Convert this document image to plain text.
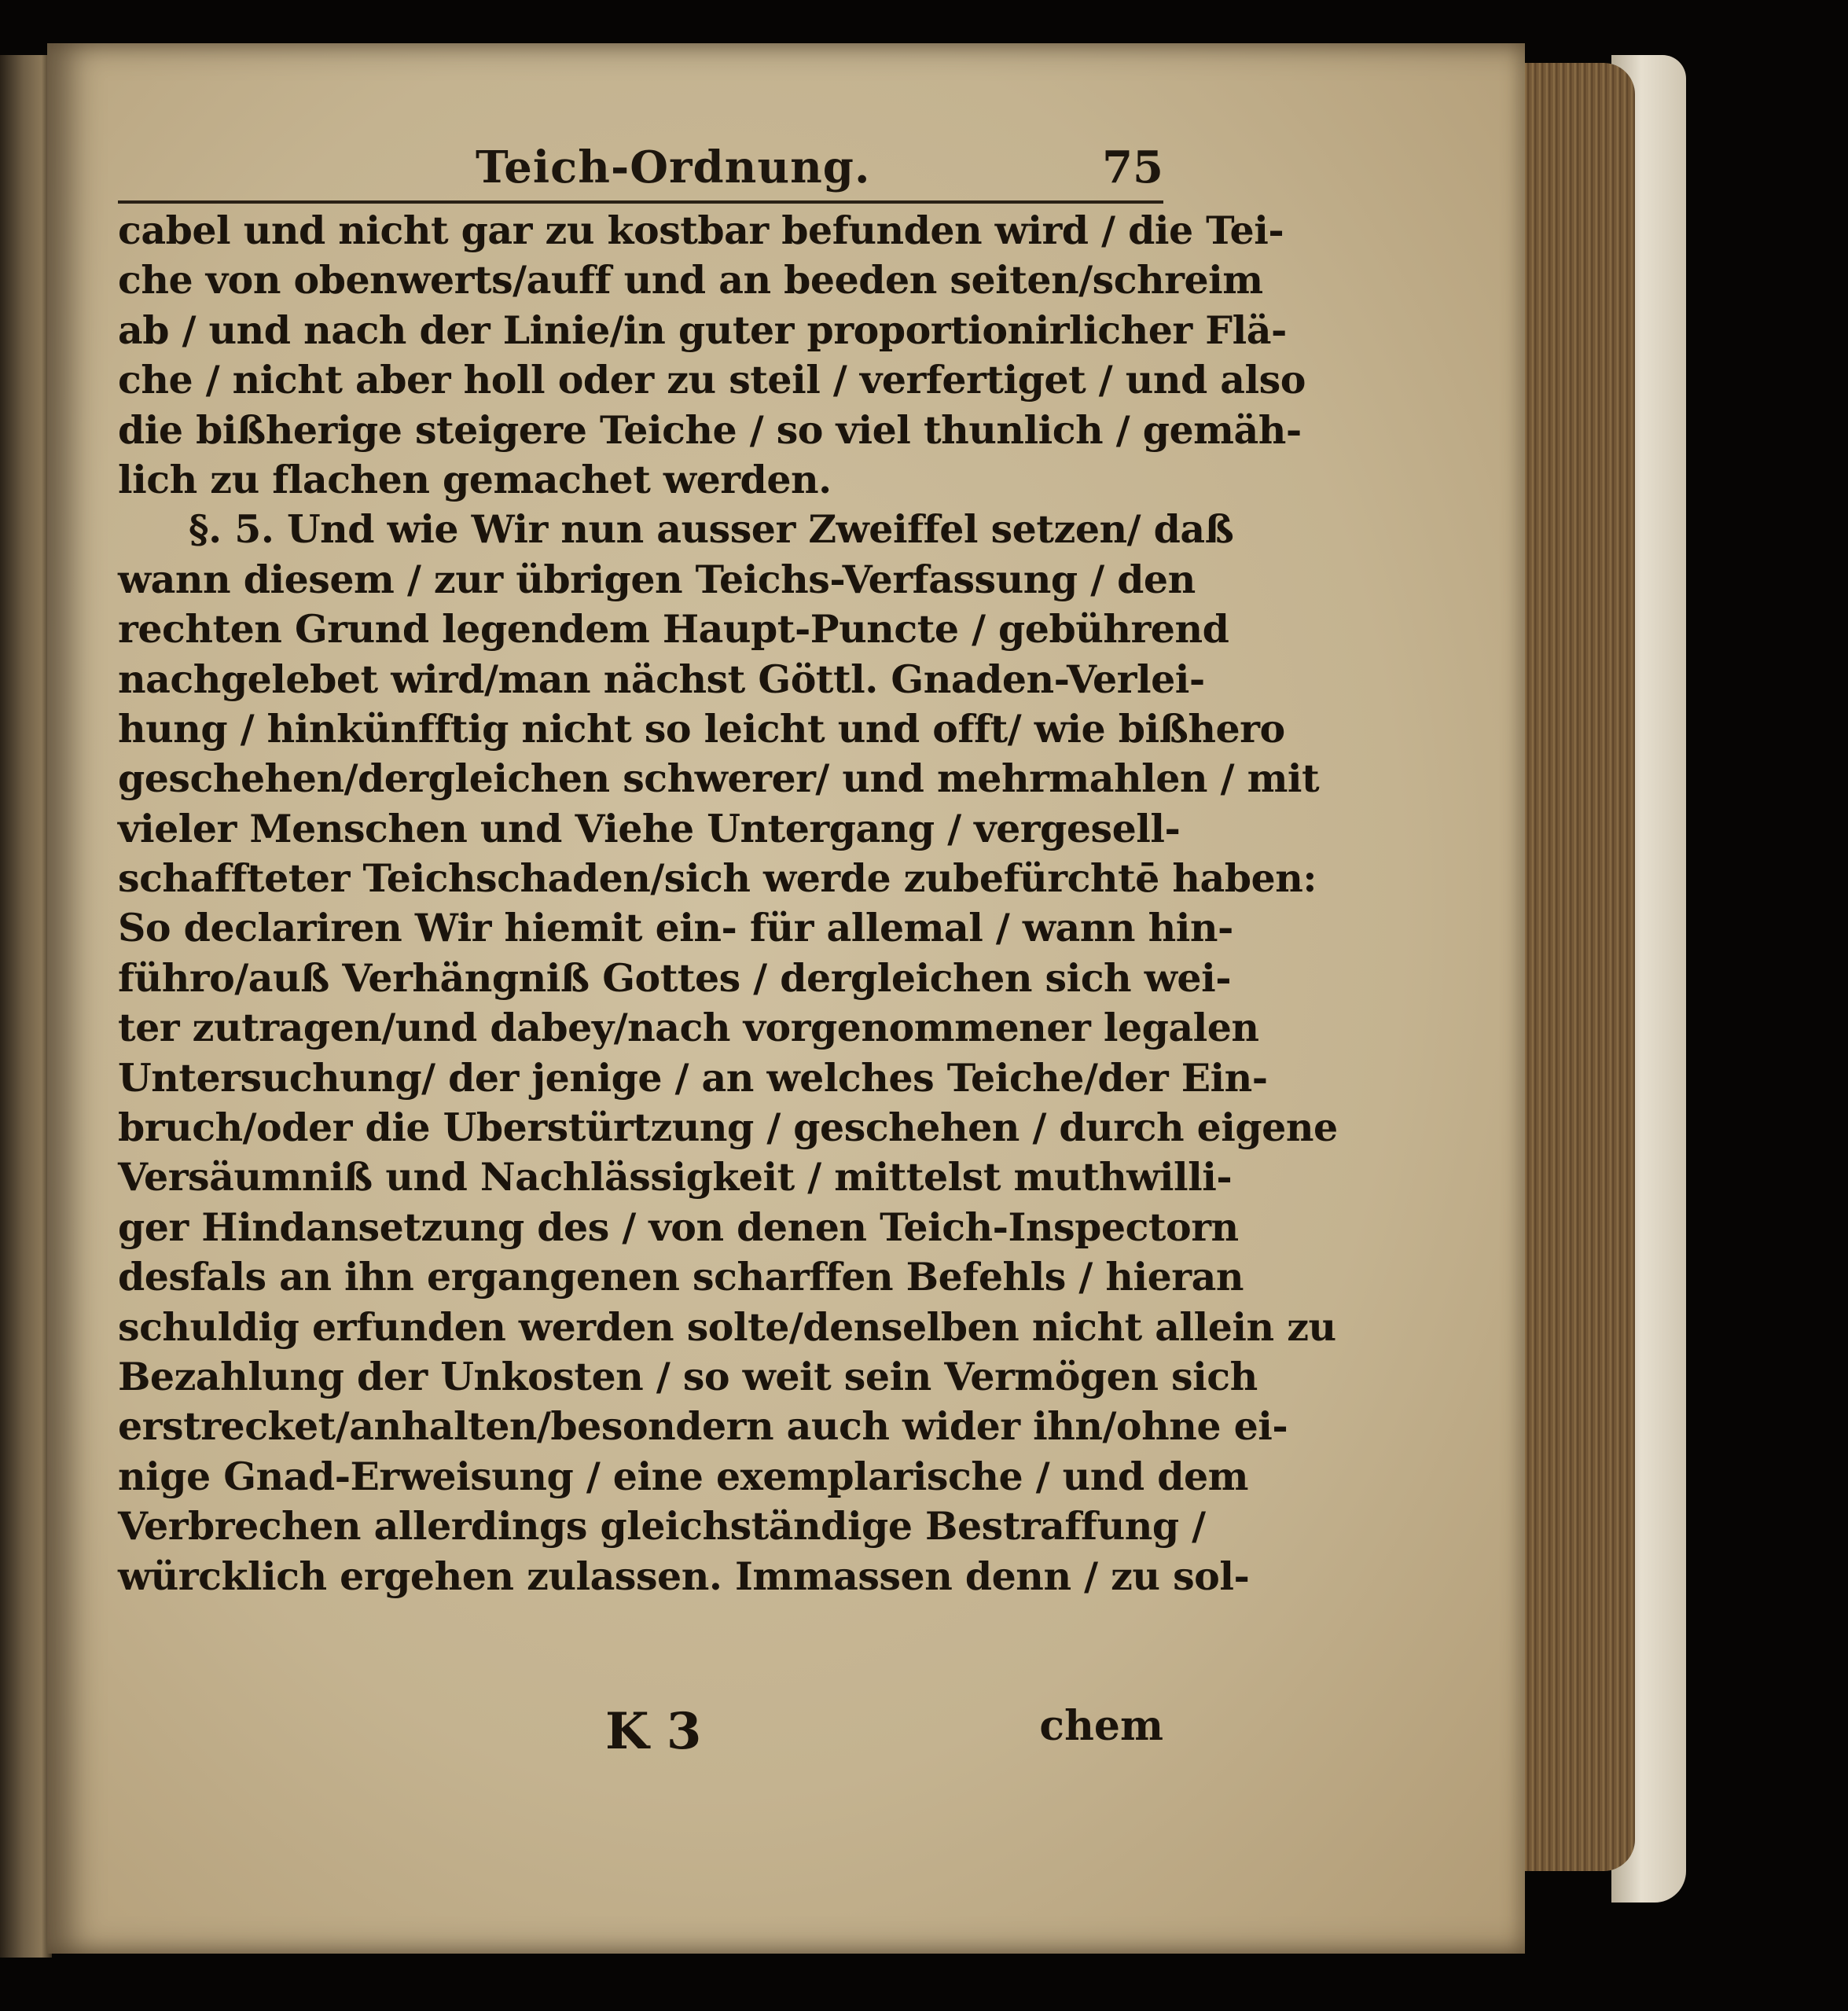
Teich-Ordnung.	75
cabel und nicht gar zu kostbar befunden wird / die Tei-
che von obenwerts/auff und an beeden seiten/schreim
ab / und nach der Linie/in guter proportionirlicher Flä-
che / nicht aber holl oder zu steil / verfertiget / und also
die bißherige steigere Teiche / so viel thunlich / gemäh-
lich zu flachen gemachet werden.
§. 5. Und wie Wir nun ausser Zweiffel setzen/ daß
wann diesem / zur übrigen Teichs-Verfassung / den
rechten Grund legendem Haupt-Puncte / gebührend
nachgelebet wird/man nächst Göttl. Gnaden-Verlei-
hung / hinkünfftig nicht so leicht und offt/ wie bißhero
geschehen/dergleichen schwerer/ und mehrmahlen / mit
vieler Menschen und Viehe Untergang / vergesell-
schaffteter Teichschaden/sich werde zubefürchtē haben:
So declariren Wir hiemit ein- für allemal / wann hin-
führo/auß Verhängniß Gottes / dergleichen sich wei-
ter zutragen/und dabey/nach vorgenommener legalen
Untersuchung/ der jenige / an welches Teiche/der Ein-
bruch/oder die Uberstürtzung / geschehen / durch eigene
Versäumniß und Nachlässigkeit / mittelst muthwilli-
ger Hindansetzung des / von denen Teich-Inspectorn
desfals an ihn ergangenen scharffen Befehls / hieran
schuldig erfunden werden solte/denselben nicht allein zu
Bezahlung der Unkosten / so weit sein Vermögen sich
erstrecket/anhalten/besondern auch wider ihn/ohne ei-
nige Gnad-Erweisung / eine exemplarische / und dem
Verbrechen allerdings gleichständige Bestraffung /
würcklich ergehen zulassen. Immassen denn / zu sol-
K 3	chem
